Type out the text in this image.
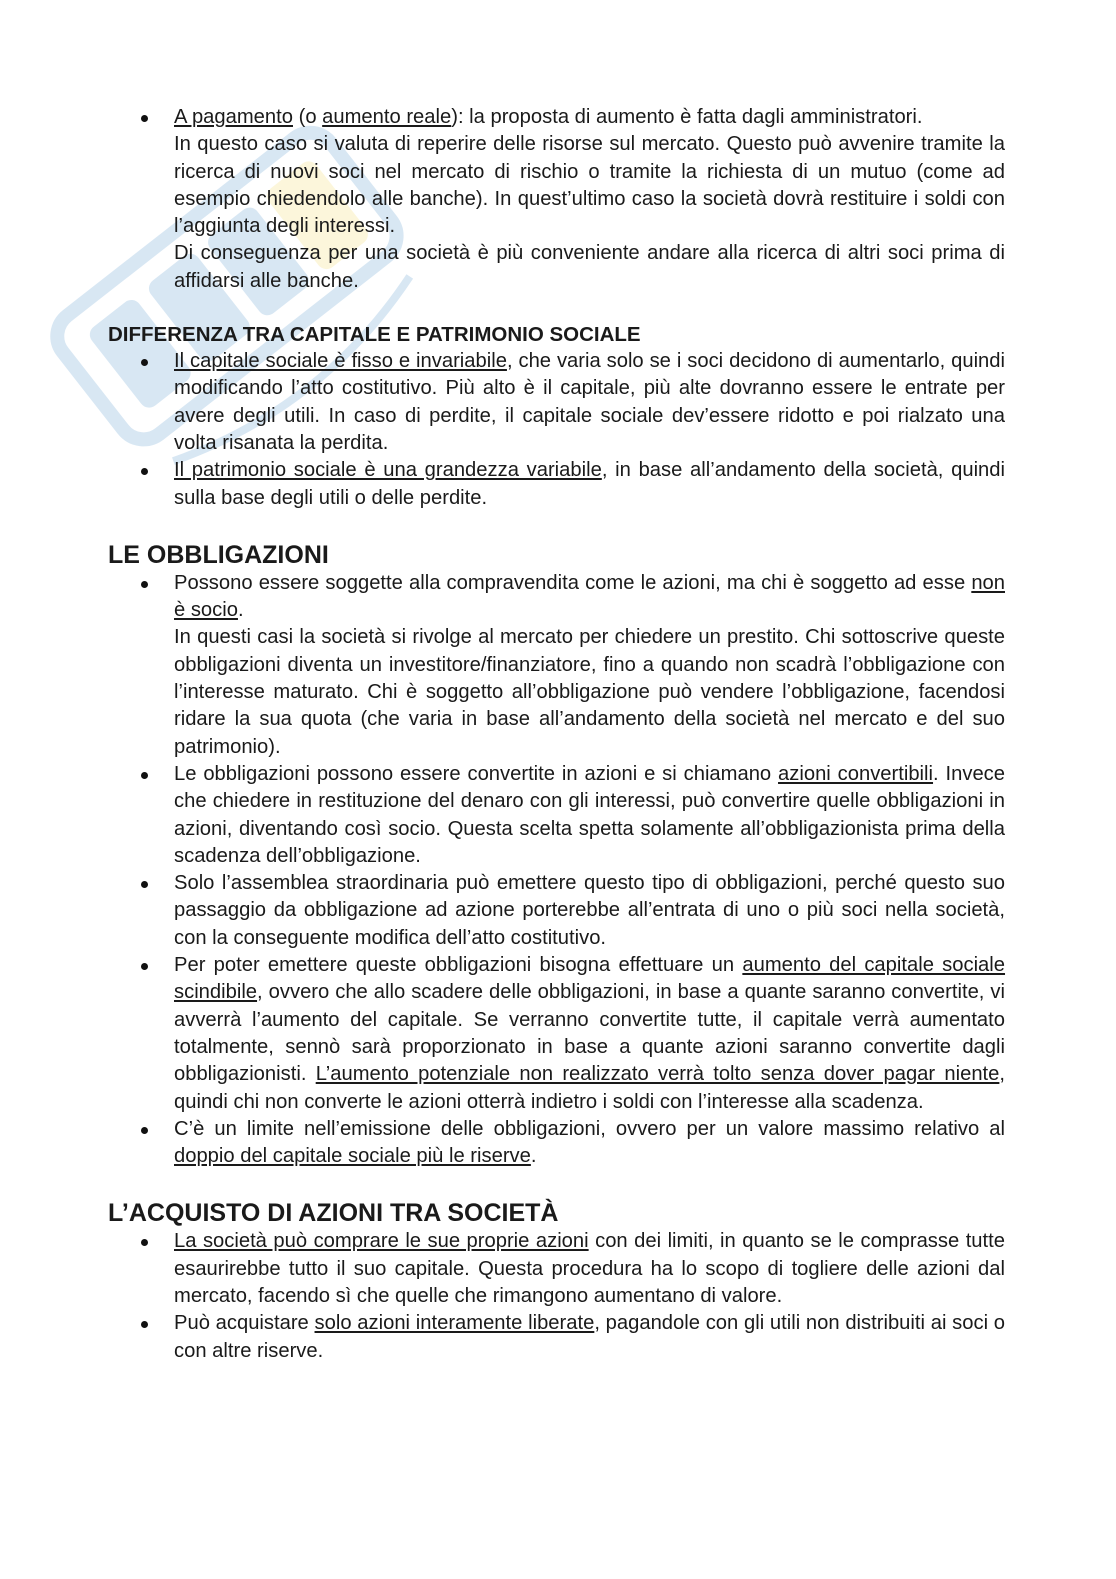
A pagamento (o aumento reale): la proposta di aumento è fatta dagli amministratori.

In questo caso si valuta di reperire delle risorse sul mercato. Questo può avvenire tramite la ricerca di nuovi soci nel mercato di rischio o tramite la richiesta di un mutuo (come ad esempio chiedendolo alle banche). In quest’ultimo caso la società dovrà restituire i soldi con l’aggiunta degli interessi.

Di conseguenza per una società è più conveniente andare alla ricerca di altri soci prima di affidarsi alle banche.

DIFFERENZA TRA CAPITALE E PATRIMONIO SOCIALE
Il capitale sociale è fisso e invariabile, che varia solo se i soci decidono di aumentarlo, quindi modificando l’atto costitutivo. Più alto è il capitale, più alte dovranno essere le entrate per avere degli utili. In caso di perdite, il capitale sociale dev’essere ridotto e poi rialzato una volta risanata la perdita.
Il patrimonio sociale è una grandezza variabile, in base all’andamento della società, quindi sulla base degli utili o delle perdite.
LE OBBLIGAZIONI

Possono essere soggette alla compravendita come le azioni, ma chi è soggetto ad esse non è socio.

In questi casi la società si rivolge al mercato per chiedere un prestito. Chi sottoscrive queste obbligazioni diventa un investitore/finanziatore, fino a quando non scadrà l’obbligazione con l’interesse maturato. Chi è soggetto all’obbligazione può vendere l’obbligazione, facendosi ridare la sua quota (che varia in base all’andamento della società nel mercato e del suo patrimonio).

Le obbligazioni possono essere convertite in azioni e si chiamano azioni convertibili. Invece che chiedere in restituzione del denaro con gli interessi, può convertire quelle obbligazioni in azioni, diventando così socio. Questa scelta spetta solamente all’obbligazionista prima della scadenza dell’obbligazione.
Solo l’assemblea straordinaria può emettere questo tipo di obbligazioni, perché questo suo passaggio da obbligazione ad azione porterebbe all’entrata di uno o più soci nella società, con la conseguente modifica dell’atto costitutivo.
Per poter emettere queste obbligazioni bisogna effettuare un aumento del capitale sociale scindibile, ovvero che allo scadere delle obbligazioni, in base a quante saranno convertite, vi avverrà l’aumento del capitale. Se verranno convertite tutte, il capitale verrà aumentato totalmente, sennò sarà proporzionato in base a quante azioni saranno convertite dagli obbligazionisti. L’aumento potenziale non realizzato verrà tolto senza dover pagar niente, quindi chi non converte le azioni otterrà indietro i soldi con l’interesse alla scadenza.
C’è un limite nell’emissione delle obbligazioni, ovvero per un valore massimo relativo al doppio del capitale sociale più le riserve.
L’ACQUISTO DI AZIONI TRA SOCIETÀ
La società può comprare le sue proprie azioni con dei limiti, in quanto se le comprasse tutte esaurirebbe tutto il suo capitale. Questa procedura ha lo scopo di togliere delle azioni dal mercato, facendo sì che quelle che rimangono aumentano di valore.
Può acquistare solo azioni interamente liberate, pagandole con gli utili non distribuiti ai soci o con altre riserve.
